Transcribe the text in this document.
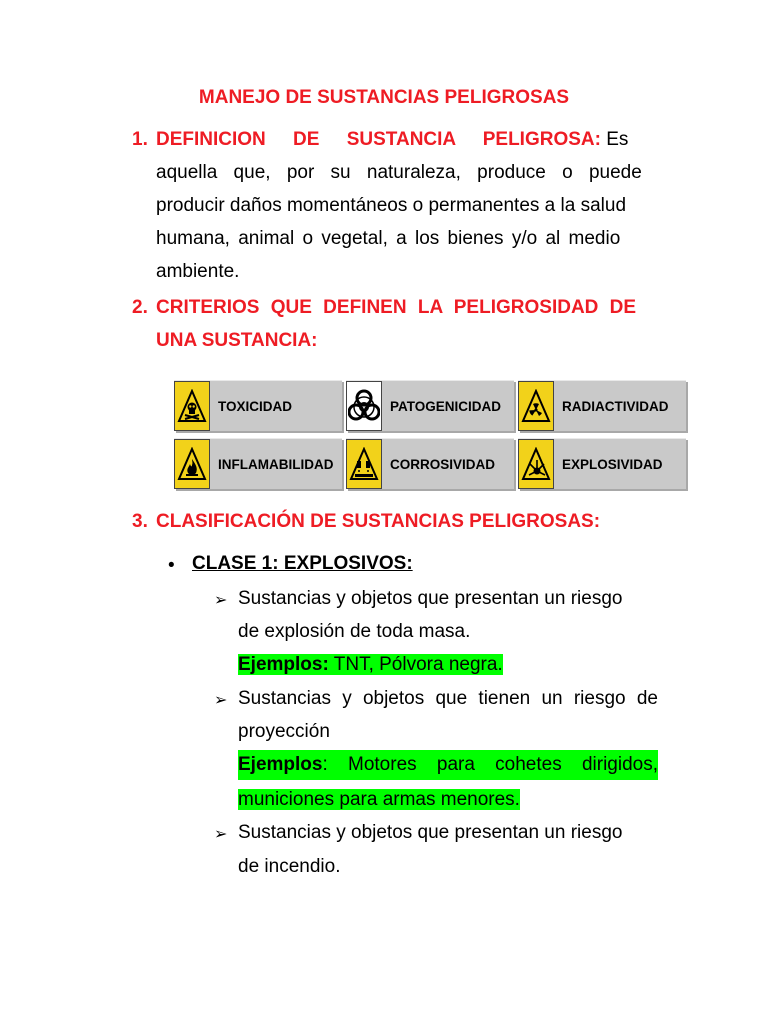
MANEJO DE SUSTANCIAS PELIGROSAS
1. DEFINICION DE SUSTANCIA PELIGROSA: Es
aquella que, por su naturaleza, produce o puede
producir daños momentáneos o permanentes a la salud
humana, animal o vegetal, a los bienes y/o al medio
ambiente.
2. CRITERIOS QUE DEFINEN LA PELIGROSIDAD DE
UNA SUSTANCIA:
TOXICIDAD	PATOGENICIDAD	RADIACTIVIDAD
INFLAMABILIDAD	CORROSIVIDAD	EXPLOSIVIDAD
3. CLASIFICACIÓN DE SUSTANCIAS PELIGROSAS:
• CLASE 1: EXPLOSIVOS:
➢ Sustancias y objetos que presentan un riesgo
de explosión de toda masa.
Ejemplos: TNT, Pólvora negra.
➢ Sustancias y objetos que tienen un riesgo de
proyección
Ejemplos : Motores para cohetes dirigidos,
municiones para armas menores.
➢ Sustancias y objetos que presentan un riesgo
de incendio.
